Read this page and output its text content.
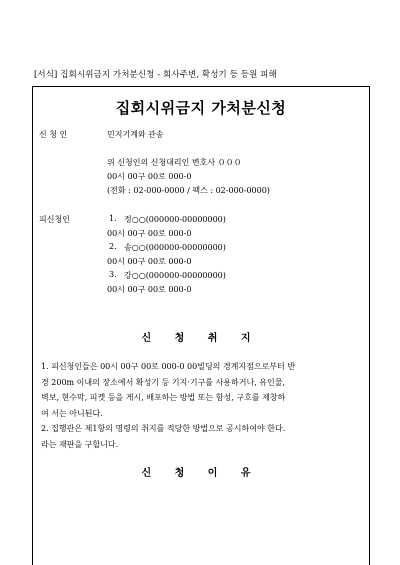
[서식] 집회시위금지 가처분신청 - 회사주변, 확성기 등 등원 피해
집회시위금지 가처분신청
신 청 인	민지기계와 관송
위 신청인의 신청대리인 변호사 ０００
00시 00구 00로 000-0
(전화 : 02-000-0000 / 팩스 : 02-000-0000)
피신청인	1. 정○○(000000-00000000)
00시 00구 00로 000-0
2. 송○○(000000-00000000)
00시 00구 00로 000-0
3. 강○○(000000-00000000)
00시 00구 00로 000-0
신 청 취 지

1. 피신청인들은 00시 00구 00로 000-0 00빌딩의 경계지점으로부터 반

경 200m 이내의 장소에서 확성기 등 기지·기구를 사용하거나, 유인물,

벽보, 현수막, 피켓 등을 게시, 배포하는 방법 또는 함성, 구호를 제창하

여 서는 아니된다.

2. 집행관은 제1항의 명령의 취지를 적당한 방법으로 공시하여야 한다.

라는 재판을 구합니다.

신 청 이 유
